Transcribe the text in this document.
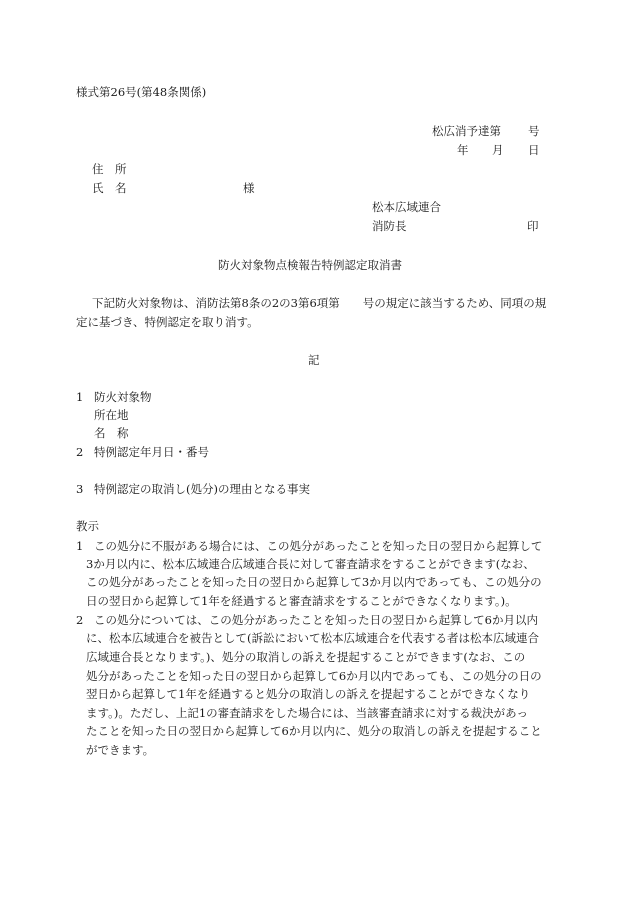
様式第26号(第48条関係)
松広消予達第 号
年 月 日
住　所
氏　名	様
松本広域連合
消防長	印
防火対象物点検報告特例認定取消書
下記防火対象物は、消防法第8条の2の3第6項第　　号の規定に該当するため、同項の規
定に基づき、特例認定を取り消す。
記
1 防火対象物
所在地
名　称
2 特例認定年月日・番号
3 特例認定の取消し(処分)の理由となる事実
教示
1 この処分に不服がある場合には、この処分があったことを知った日の翌日から起算して
3か月以内に、松本広域連合広域連合長に対して審査請求をすることができます(なお、
この処分があったことを知った日の翌日から起算して3か月以内であっても、この処分の
日の翌日から起算して1年を経過すると審査請求をすることができなくなります。)。
2 この処分については、この処分があったことを知った日の翌日から起算して6か月以内
に、松本広域連合を被告として(訴訟において松本広域連合を代表する者は松本広域連合
広域連合長となります。)、処分の取消しの訴えを提起することができます(なお、この
処分があったことを知った日の翌日から起算して6か月以内であっても、この処分の日の
翌日から起算して1年を経過すると処分の取消しの訴えを提起することができなくなり
ます。)。ただし、上記1の審査請求をした場合には、当該審査請求に対する裁決があっ
たことを知った日の翌日から起算して6か月以内に、処分の取消しの訴えを提起すること
ができます。
